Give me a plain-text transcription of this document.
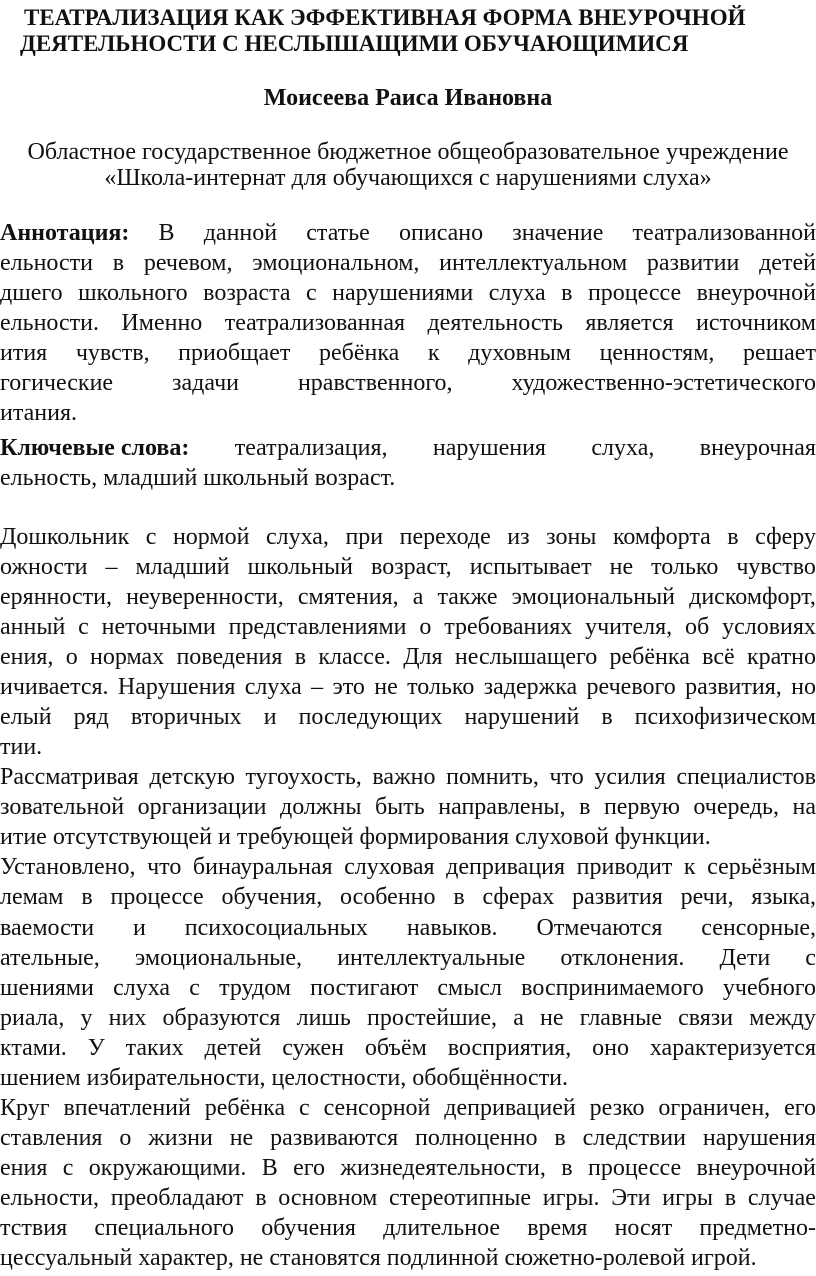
ТЕАТРАЛИЗАЦИЯ КАК ЭФФЕКТИВНАЯ ФОРМА ВНЕУРОЧНОЙ
ДЕЯТЕЛЬНОСТИ С НЕСЛЫШАЩИМИ ОБУЧАЮЩИМИСЯ
Моисеева Раиса Ивановна
Областное государственное бюджетное общеобразовательное учреждение
«Школа-интернат для обучающихся с нарушениями слуха»
Аннотация: В данной статье описано значение театрализованной
ельности в речевом, эмоциональном, интеллектуальном развитии детей
дшего школьного возраста с нарушениями слуха в процессе внеурочной
ельности. Именно театрализованная деятельность является источником
ития чувств, приобщает ребёнка к духовным ценностям, решает
гогические задачи нравственного, художественно-эстетического
итания.
Ключевые слова: театрализация, нарушения слуха, внеурочная
ельность, младший школьный возраст.
Дошкольник с нормой слуха, при переходе из зоны комфорта в сферу
ожности – младший школьный возраст, испытывает не только чувство
ерянности, неуверенности, смятения, а также эмоциональный дискомфорт,
анный с неточными представлениями о требованиях учителя, об условиях
ения, о нормах поведения в классе. Для неслышащего ребёнка всё кратно
ичивается. Нарушения слуха – это не только задержка речевого развития, но
елый ряд вторичных и последующих нарушений в психофизическом
тии.
Рассматривая детскую тугоухость, важно помнить, что усилия специалистов
зовательной организации должны быть направлены, в первую очередь, на
итие отсутствующей и требующей формирования слуховой функции.
Установлено, что бинауральная слуховая депривация приводит к серьёзным
лемам в процессе обучения, особенно в сферах развития речи, языка,
ваемости и психосоциальных навыков. Отмечаются сенсорные,
ательные, эмоциональные, интеллектуальные отклонения. Дети с
шениями слуха с трудом постигают смысл воспринимаемого учебного
риала, у них образуются лишь простейшие, а не главные связи между
ктами. У таких детей сужен объём восприятия, оно характеризуется
шением избирательности, целостности, обобщённости.
Круг впечатлений ребёнка с сенсорной депривацией резко ограничен, его
ставления о жизни не развиваются полноценно в следствии нарушения
ения с окружающими. В его жизнедеятельности, в процессе внеурочной
ельности, преобладают в основном стереотипные игры. Эти игры в случае
тствия специального обучения длительное время носят предметно-
цессуальный характер, не становятся подлинной сюжетно-ролевой игрой.
